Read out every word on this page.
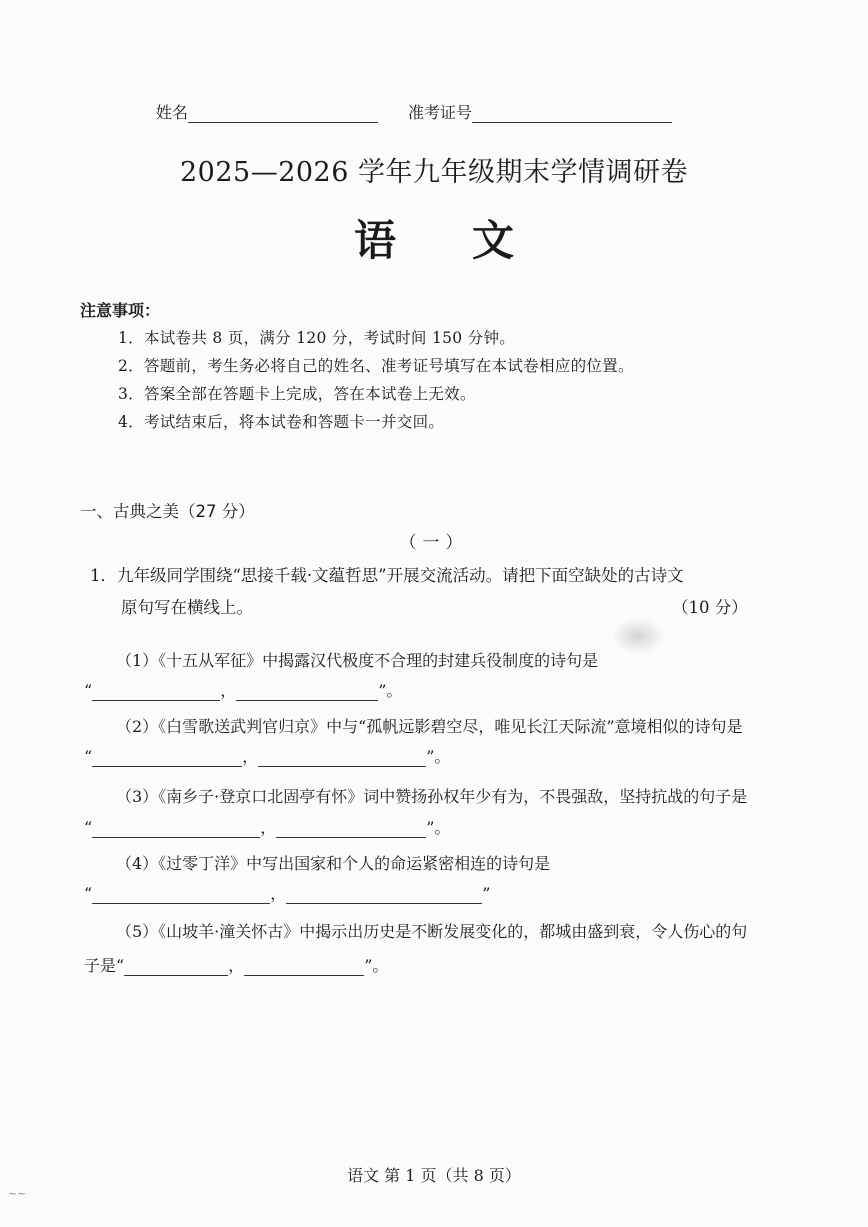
姓名	准考证号
2025—2026 学年九年级期末学情调研卷
语 文
注意事项：
1．本试卷共 8 页，满分 120 分，考试时间 150 分钟。
2．答题前，考生务必将自己的姓名、准考证号填写在本试卷相应的位置。
3．答案全部在答题卡上完成，答在本试卷上无效。
4．考试结束后，将本试卷和答题卡一并交回。
一、古典之美（27 分）
（一）
1．九年级同学围绕“思接千载·文蕴哲思”开展交流活动。请把下面空缺处的古诗文
原句写在横线上。	（10 分）
（1）《十五从军征》中揭露汉代极度不合理的封建兵役制度的诗句是
“	，	”。
（2）《白雪歌送武判官归京》中与“孤帆远影碧空尽，唯见长江天际流”意境相似的诗句是
“	，	”。
（3）《南乡子·登京口北固亭有怀》词中赞扬孙权年少有为，不畏强敌，坚持抗战的句子是
“	，	”。
（4）《过零丁洋》中写出国家和个人的命运紧密相连的诗句是
“	，	”
（5）《山坡羊·潼关怀古》中揭示出历史是不断发展变化的，都城由盛到衰，令人伤心的句
子是“	，	”。
语文 第 1 页（共 8 页）
~~
